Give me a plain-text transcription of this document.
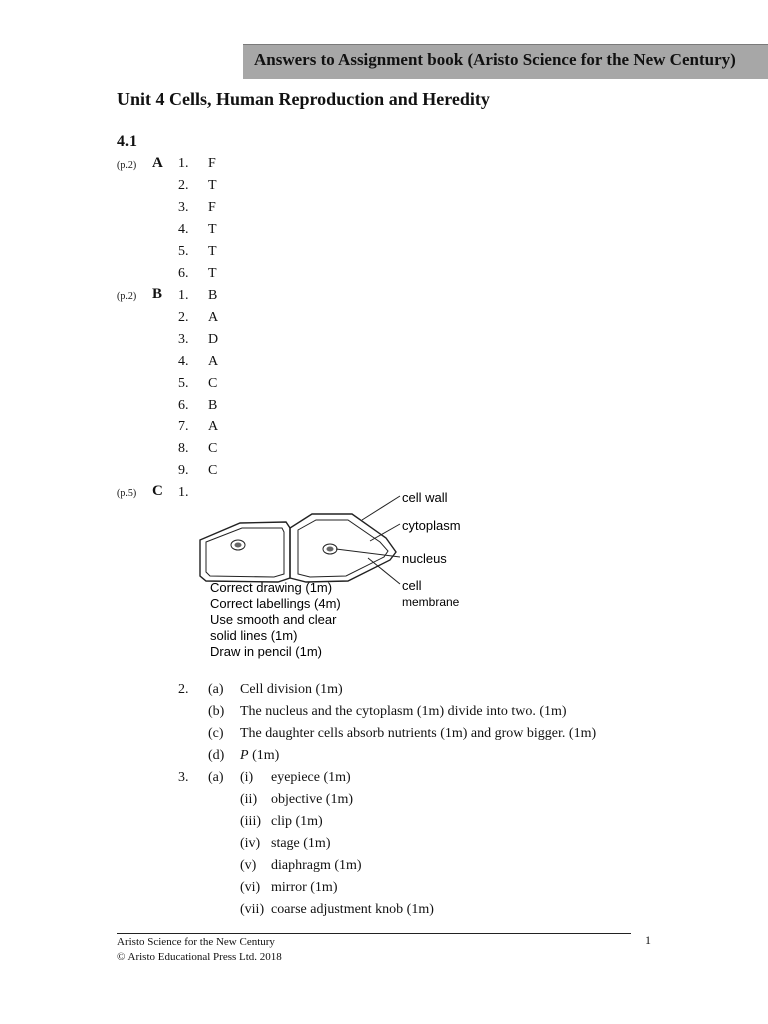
Answers to Assignment book (Aristo Science for the New Century)
Unit 4 Cells, Human Reproduction and Heredity
4.1
(p.2) A 1. F
2. T
3. F
4. T
5. T
6. T
(p.2) B 1. B
2. A
3. D
4. A
5. C
6. B
7. A
8. C
9. C
(p.5) C 1.	cell wall
cytoplasm
nucleus
cell
membrane
Correct drawing (1m)
Correct labellings (4m)
Use smooth and clear
solid lines (1m)
Draw in pencil (1m)
2. (a) Cell division (1m)
(b) The nucleus and the cytoplasm (1m) divide into two. (1m)
(c) The daughter cells absorb nutrients (1m) and grow bigger. (1m)
(d) P (1m)
3. (a) (i) eyepiece (1m)
(ii) objective (1m)
(iii) clip (1m)
(iv) stage (1m)
(v) diaphragm (1m)
(vi) mirror (1m)
(vii) coarse adjustment knob (1m)
Aristo Science for the New Century
© Aristo Educational Press Ltd. 2018
1
